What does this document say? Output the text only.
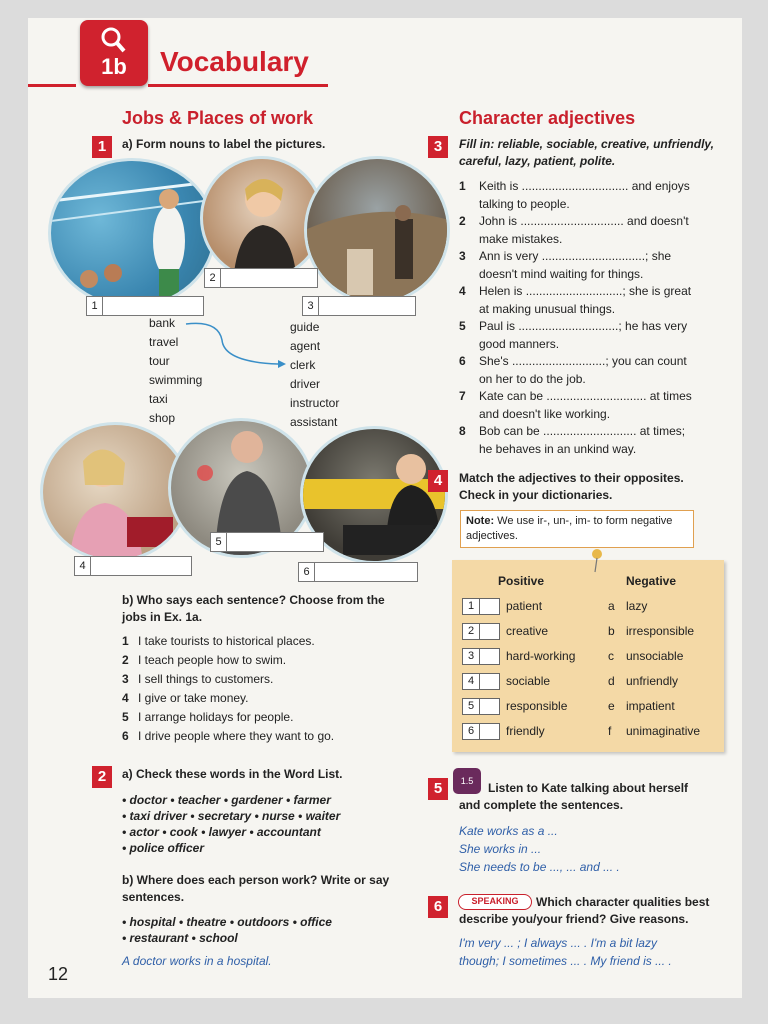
1b	Vocabulary
Jobs & Places of work
1	a) Form nouns to label the pictures.
2
1	3
bank
travel
tour
swimming
taxi
shop
guide
agent
clerk
driver
instructor
assistant
5
4	6
b) Who says each sentence? Choose from the jobs in Ex. 1a.
1 I take tourists to historical places.
2 I teach people how to swim.
3 I sell things to customers.
4 I give or take money.
5 I arrange holidays for people.
6 I drive people where they want to go.
2	a) Check these words in the Word List.
• doctor • teacher • gardener • farmer
• taxi driver • secretary • nurse • waiter
• actor • cook • lawyer • accountant
• police officer
b) Where does each person work? Write or say sentences.
• hospital • theatre • outdoors • office
• restaurant • school
A doctor works in a hospital.
12
Character adjectives
3	Fill in: reliable, sociable, creative, unfriendly,
careful, lazy, patient, polite.
1 Keith is ................................ and enjoys
talking to people.
2 John is ............................... and doesn't
make mistakes.
3 Ann is very ...............................; she
doesn't mind waiting for things.
4 Helen is .............................; she is great
at making unusual things.
5 Paul is ..............................; he has very
good manners.
6 She's ............................; you can count
on her to do the job.
7 Kate can be .............................. at times
and doesn't like working.
8 Bob can be ............................ at times;
he behaves in an unkind way.
4	Match the adjectives to their opposites.
Check in your dictionaries.
Note: We use ir-, un-, im- to form negative adjectives.
Positive	Negative
1	patient	a lazy
2	creative	b irresponsible
3	hard-working	c unsociable
4	sociable	d unfriendly
5	responsible	e impatient
6	friendly	f unimaginative
5	1.5	Listen to Kate talking about herself
and complete the sentences.
Kate works as a ...
She works in ...
She needs to be ..., ... and ... .
6	SPEAKING	Which character qualities best
describe you/your friend? Give reasons.
I'm very ... ; I always ... . I'm a bit lazy
though; I sometimes ... . My friend is ... .
